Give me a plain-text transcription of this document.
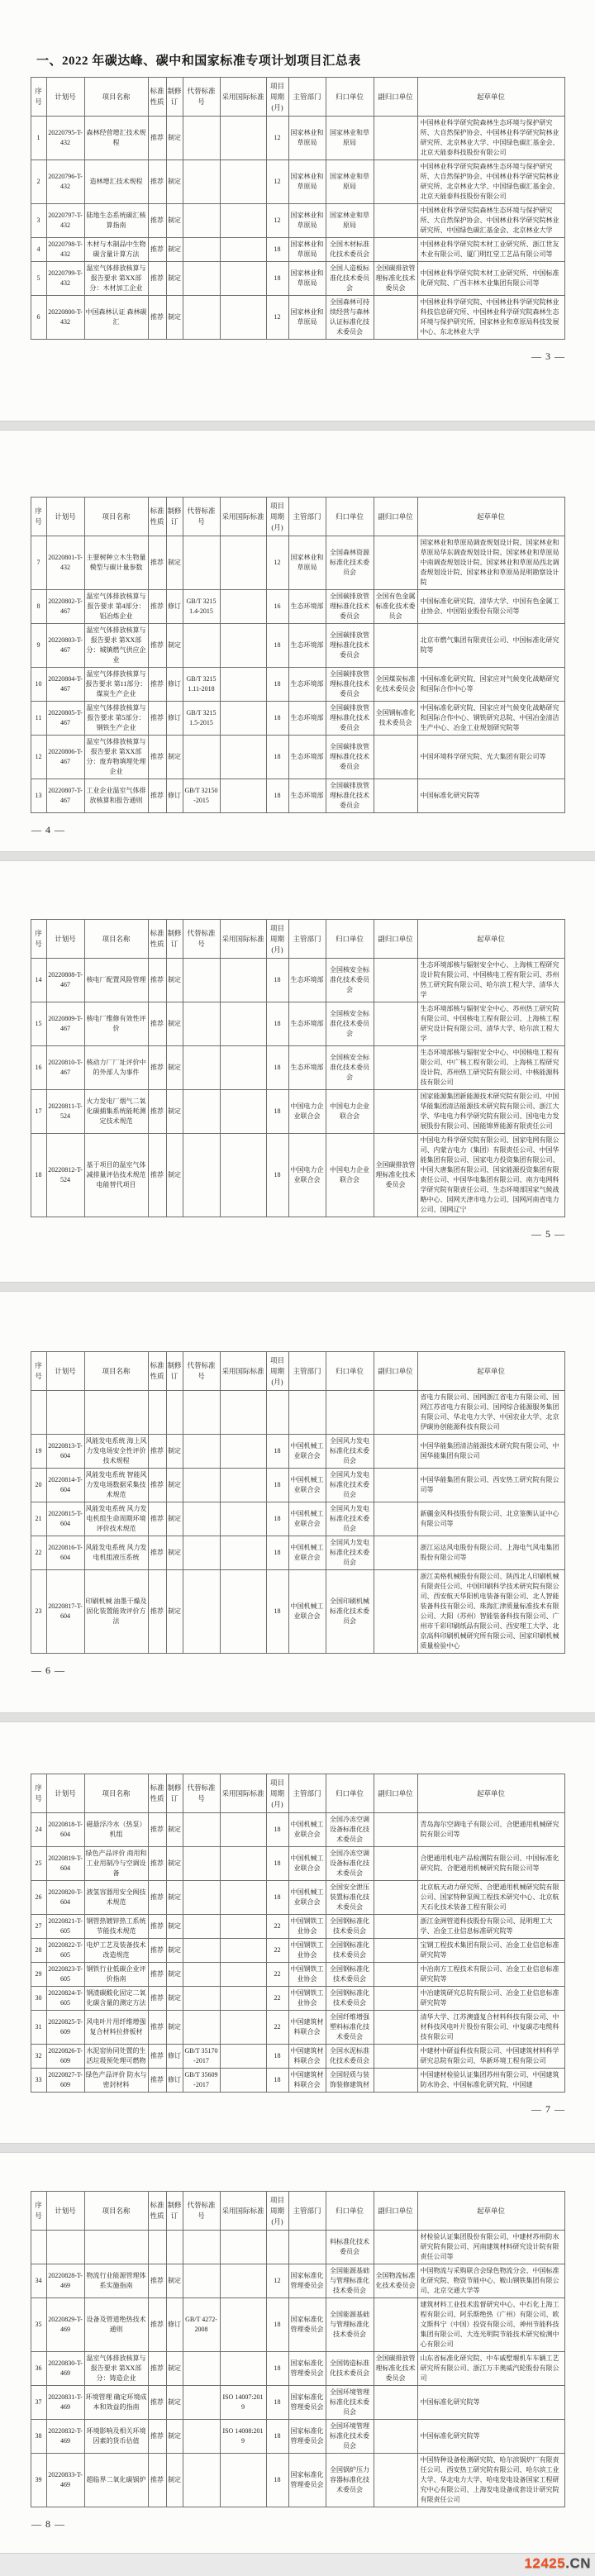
一、2022 年碳达峰、碳中和国家标准专项计划项目汇总表
序号	计划号	项目名称	标准性质	制修订	代替标准号	采用国际标准	项目周期(月)	主管部门	归口单位	副归口单位	起草单位
1	20220795-T-432	森林经营增汇技术规程	推荐	制定			12	国家林业和草原局	国家林业和草原局		中国林业科学研究院森林生态环境与保护研究所、大自然保护协会、中国林业科学研究院林业研究所、北京林业大学、中国绿色碳汇基金会、北京天能泰科技股份有限公司
2	20220796-T-432	造林增汇技术规程	推荐	制定			12	国家林业和草原局	国家林业和草原局		中国林业科学研究院森林生态环境与保护研究所、大自然保护协会、中国林业科学研究院林业研究所、北京林业大学、中国绿色碳汇基金会、北京天能泰科技股份有限公司
3	20220797-T-432	陆地生态系统碳汇核算指南	推荐	制定			12	国家林业和草原局	国家林业和草原局		中国林业科学研究院森林生态环境与保护研究所、大自然保护协会、中国林业科学研究院林业研究所、中国绿色碳汇基金会、北京林业大学
4	20220798-T-432	木材与木制品中生物碳含量计算方法	推荐	制定			18	国家林业和草原局	全国木材标准化技术委员会		中国林业科学研究院木材工业研究所、浙江世友木业有限公司、厦门明红堂工艺品有限公司等
5	20220799-T-432	温室气体排放核算与报告要求 第XX部分：木材加工企业	推荐	制定			18	国家林业和草原局	全国人造板标准化技术委员会	全国碳排放管理标准化技术委员会	中国林业科学研究院木材工业研究所、中国标准化研究院、广西丰林木业集团有限公司等
6	20220800-T-432	中国森林认证 森林碳汇	推荐	制定			12	国家林业和草原局	全国森林可持续经营与森林认证标准化技术委员会		中国林业科学研究院、中国林业科学研究院林业科技信息研究所、中国林业科学研究院森林生态环境与保护研究所、国家林业和草原局科技发展中心、东北林业大学
— 3 —
序号	计划号	项目名称	标准性质	制修订	代替标准号	采用国际标准	项目周期(月)	主管部门	归口单位	副归口单位	起草单位
7	20220801-T-432	主要树种立木生物量模型与碳计量参数	推荐	制定			12	国家林业和草原局	全国森林资源标准化技术委员会		国家林业和草原局调查规划设计院、国家林业和草原局华东调查规划设计院、国家林业和草原局中南调查规划设计院、国家林业和草原局西北调查规划设计院、国家林业和草原局昆明勘察设计院
8	20220802-T-467	温室气体排放核算与报告要求 第4部分：铝冶炼企业	推荐	修订	GB/T 32151.4-2015		16	生态环境部	全国碳排放管理标准化技术委员会	全国有色金属标准化技术委员会	中国标准化研究院、清华大学、中国有色金属工业协会、中国铝业股份有限公司等
9	20220803-T-467	温室气体排放核算与报告要求 第XX部分：城镇燃气供应企业	推荐	制定			18	生态环境部	全国碳排放管理标准化技术委员会		北京市燃气集团有限责任公司、中国标准化研究院等
10	20220804-T-467	温室气体排放核算与报告要求 第11部分：煤炭生产企业	推荐	修订	GB/T 32151.11-2018		18	生态环境部	全国碳排放管理标准化技术委员会	全国煤炭标准化技术委员会	中国标准化研究院、国家应对气候变化战略研究和国际合作中心等
11	20220805-T-467	温室气体排放核算与报告要求 第5部分：钢铁生产企业	推荐	修订	GB/T 32151.5-2015		18	生态环境部	全国碳排放管理标准化技术委员会	全国钢标准化技术委员会	中国标准化研究院、国家应对气候变化战略研究和国际合作中心、钢铁研究总院、中国冶金清洁生产中心、冶金工业规划研究院等
12	20220806-T-467	温室气体排放核算与报告要求 第XX部分：废弃物填埋处理企业	推荐	制定			18	生态环境部	全国碳排放管理标准化技术委员会		中国环境科学研究院、光大集团有限公司等
13	20220807-T-467	工业企业温室气体排放核算和报告通则	推荐	修订	GB/T 32150-2015		18	生态环境部	全国碳排放管理标准化技术委员会		中国标准化研究院等
— 4 —
序号	计划号	项目名称	标准性质	制修订	代替标准号	采用国际标准	项目周期(月)	主管部门	归口单位	副归口单位	起草单位
14	20220808-T-467	核电厂配置风险管理	推荐	制定			18	生态环境部	全国核安全标准化技术委员会		生态环境部核与辐射安全中心、上海核工程研究设计院有限公司、中国核电工程有限公司、苏州热工研究院有限公司、哈尔滨工程大学、清华大学
15	20220809-T-467	核电厂维修有效性评价	推荐	制定			18	生态环境部	全国核安全标准化技术委员会		生态环境部核与辐射安全中心、苏州热工研究院有限公司、中国核电工程有限公司、上海核工程研究设计院有限公司、清华大学、哈尔滨工程大学
16	20220810-T-467	核动力厂厂址评价中的外部人为事件	推荐	制定			18	生态环境部	全国核安全标准化技术委员会		生态环境部核与辐射安全中心、中国核电工程有限公司、中广核工程有限公司、上海核工程研究设计院、苏州热工研究院有限公司、中核能源科技有限公司
17	20220811-T-524	火力发电厂烟气二氧化碳捕集系统能耗测定技术规范	推荐	制定			18	中国电力企业联合会	中国电力企业联合会		国家能源集团新能源技术研究院有限公司、中国华能集团清洁能源技术研究院有限公司、浙江大学、华电电力科学研究院有限公司、国电电力发展股份有限公司、国能锦界能源有限责任公司
18	20220812-T-524	基于项目的温室气体减排量评估技术规范 电能替代项目	推荐	制定			18	中国电力企业联合会	中国电力企业联合会	全国碳排放管理标准化技术委员会	中国电力科学研究院有限公司、国家电网有限公司、内蒙古电力（集团）有限责任公司、中国华能集团有限公司、国家电力投资集团有限公司、中国大唐集团有限公司、国家能源投资集团有限责任公司、中国华电集团有限公司、南方电网科学研究院有限责任公司、生态环境部国家气候战略中心、国网天津市电力公司、国网河南省电力公司、国网辽宁
— 5 —
序号	计划号	项目名称	标准性质	制修订	代替标准号	采用国际标准	项目周期(月)	主管部门	归口单位	副归口单位	起草单位
											省电力有限公司、国网浙江省电力有限公司、国网江苏省电力有限公司、国网综合能源服务集团有限公司、华北电力大学、中国农业大学、北京伊碳协创能源科技有限公司
19	20220813-T-604	风能发电系统 海上风力发电场安全性评价技术规程	推荐	制定			18	中国机械工业联合会	全国风力发电标准化技术委员会		中国华能集团清洁能源技术研究院有限公司、中国华能集团有限公司
20	20220814-T-604	风能发电系统 智能风力发电场数据采集技术规范	推荐	制定			18	中国机械工业联合会	全国风力发电标准化技术委员会		中国华能集团有限公司、西安热工研究院有限公司等
21	20220815-T-604	风能发电系统 风力发电机组生命周期环境评价技术规范	推荐	制定			18	中国机械工业联合会	全国风力发电标准化技术委员会		新疆金风科技股份有限公司、北京鉴衡认证中心有限公司等
22	20220816-T-604	风能发电系统 风力发电机组液压系统	推荐	制定			18	中国机械工业联合会	全国风力发电标准化技术委员会		浙江运达风电股份有限公司、上海电气风电集团股份有限公司等
23	20220817-T-604	印刷机械 油墨干燥及固化装置能效评价方法	推荐	制定			18	中国机械工业联合会	全国印刷机械标准化技术委员会		浙江美格机械股份有限公司、陕西北人印刷机械有限责任公司、中国印刷科学技术研究院有限公司、西安航天华阳机电装备有限公司、北人智能装备科技有限公司、珠海汇津质量标准技术有限公司、大阳（苏州）智能装备科技有限公司、广州市千彩印刷纸品有限公司、西安理工大学、北京高科印刷机械研究所有限公司、国家印刷机械质量检验中心
— 6 —
序号	计划号	项目名称	标准性质	制修订	代替标准号	采用国际标准	项目周期(月)	主管部门	归口单位	副归口单位	起草单位
24	20220818-T-604	磁悬浮冷水（热泵）机组	推荐	制定			18	中国机械工业联合会	全国冷冻空调设备标准化技术委员会		青岛海尔空调电子有限公司、合肥通用机械研究院有限公司等
25	20220819-T-604	绿色产品评价 商用和工业用制冷与空调设备	推荐	制定			18	中国机械工业联合会	全国冷冻空调设备标准化技术委员会		合肥通用机电产品检测院有限公司、中国标准化研究院、合肥通用机械研究院有限公司等
26	20220820-T-604	液氢容器用安全阀技术规范	推荐	制定			18	中国机械工业联合会	全国安全泄压装置标准化技术委员会		北京航天动力研究所、合肥通用机械研究院有限公司、国家特种泵阀工程技术研究中心、北京航天石化技术装备工程有限公司
27	20220821-T-605	钢管热镀锌热工系统节能技术规范	推荐	制定			22	中国钢铁工业协会	全国钢标准化技术委员会		浙江金洲管道科技股份有限公司、昆明理工大学、冶金工业信息标准研究院等
28	20220822-T-605	电炉工艺及装备技术改造规范	推荐	制定			22	中国钢铁工业协会	全国钢标准化技术委员会		宝钢工程技术集团有限公司、冶金工业信息标准研究院等
29	20220823-T-605	钢铁行业低碳企业评价指南	推荐	制定			22	中国钢铁工业协会	全国钢标准化技术委员会		中冶南方工程技术有限公司、冶金工业信息标准研究院等
30	20220824-T-605	钢渣碳酸化固定二氧化碳含量的测定方法	推荐	制定			22	中国钢铁工业协会	全国钢标准化技术委员会		中冶建筑研究总院有限公司、冶金工业信息标准研究院等
31	20220825-T-609	风电叶片用纤维增强复合材料拉挤板材	推荐	制定			22	中国建筑材料联合会	全国纤维增强塑料标准化技术委员会		清华大学、江苏澳盛复合材料科技有限公司、中材科技风电叶片股份有限公司、中复碳芯电缆科技有限公司
32	20220826-T-609	水泥窑协同处置的生活垃圾预处理可燃物	推荐	修订	GB/T 35170-2017		18	中国建筑材料联合会	全国水泥标准化技术委员会		中建材中研益科技有限公司、中国建筑材料科学研究总院有限公司、华新环境工程有限公司
33	20220827-T-609	绿色产品评价 防水与密封材料	推荐	修订	GB/T 35609-2017		18	中国建筑材料联合会	全国轻质与装饰装修建筑材		中国建材检验认证集团苏州有限公司、中国建筑防水协会、中国标准化研究院、中国建
— 7 —
序号	计划号	项目名称	标准性质	制修订	代替标准号	采用国际标准	项目周期(月)	主管部门	归口单位	副归口单位	起草单位
									料标准化技术委员会		材检验认证集团股份有限公司、中建材苏州防水研究院有限公司、河南建筑材料研究设计院有限责任公司等
34	20220828-T-469	物流行业能源管理体系实施指南	推荐	制定			12	国家标准化管理委员会	全国能源基础与管理标准化技术委员会	全国物流标准化技术委员会	中国物流与采购联合会绿色物流分会、中国标准化研究院、物资节能中心、鞍山钢铁集团有限公司、北京交通大学等
35	20220829-T-469	设备及管道绝热技术通则	推荐	修订	GB/T 4272-2008		18	国家标准化管理委员会	全国能源基础与管理标准化技术委员会		建筑材料工业技术监督研究中心、中石化上海工程有限公司、阿乐斯绝热（广州）有限公司、欧文斯科宁（中国）投资有限公司、神州节能科技集团有限公司、大连光明院节能技术研究检测中心有限公司
36	20220830-T-469	温室气体排放核算与报告要求 第XX部分：铸造企业	推荐	制定			18	国家标准化管理委员会	全国铸造标准化技术委员会	全国碳排放管理标准化技术委员会	山东省标准化研究院、中车戚墅堰机车车辆工艺研究所有限公司、浙江万丰奥威汽轮股份有限公司
37	20220831-T-469	环境管理 确定环境成本和效益的指南	推荐	制定		ISO 14007:2019	18	国家标准化管理委员会	全国环境管理标准化技术委员会		中国标准化研究院等
38	20220832-T-469	环境影响及相关环境因素的货币估值	推荐	制定		ISO 14008:2019	18	国家标准化管理委员会	全国环境管理标准化技术委员会		中国标准化研究院等
39	20220833-T-469	超临界二氧化碳锅炉	推荐	制定			18	国家标准化管理委员会	全国锅炉压力容器标准化技术委员会		中国特种设备检测研究院、哈尔滨锅炉厂有限责任公司、西安热工研究院有限公司、哈尔滨工业大学、华北电力大学、哈电发电设备国家工程研究中心有限公司、上海发电设备成套设计研究院有限责任公司
— 8 —
12425.CN
